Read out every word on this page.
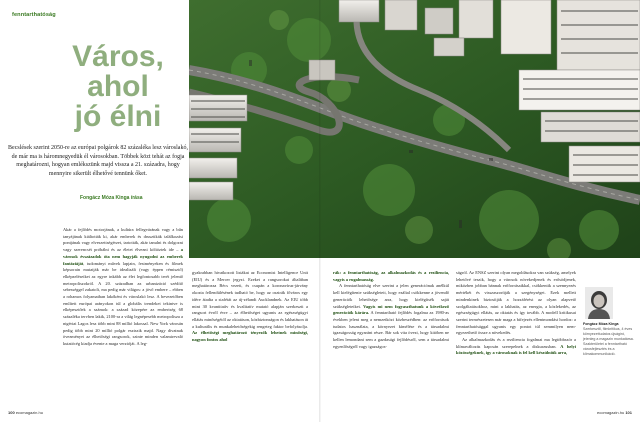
fenntarthatóság
Város,
ahol
jó élni
Becslések szerint 2050-re az európai polgárok 82 százaléka lesz városlakó, de már ma is háromnegyedük él városokban. Többek közt tehát az fogja meghatározni, hogyan emlékszünk majd vissza a 21. századra, hogy mennyire sikerült élhetővé tennünk őket.
Fongácz Móza Kinga írása

Akár a fejlődés motorjának, a kultúra fellegvárának vagy a bűn tanyájának kiáltották ki, akár emberek és drusztikák találkozási pontjának vagy elveszettségérzet, tartották, akár tanulni és dolgozni vagy szerencsét próbálni és az életet élvezni költöztek ide – a városok évszázadok óta nem hagyják nyugodni az emberek fantáziáját, tudományt művek lapjain, festményeken és filmek képsorain mutatják már be idealizált (vagy éppen rémisztő) elképzeléseiket az egyre inkább az élet legfontosabb terét jelentő metropoliszokról. A 20. században az urbanizáció szédítő sebességgel zakatolt, ma pedig már világos: a jövő embere – ebben a rohamos folyamatban lakóként és városlakó lesz. A bevezetőben említett európai arányokon túl a globális trendeket tekintve is elképesztőek a számok: a század közepére az emberiség 68 százaléka tervben lakik, 2100-ra a világ legnépesebb metropolisza a nigériai Lagos lesz több mint 88 millió lakossal. New York városán pedig több mint 20 millió polgár esztszik majd. Nagy divatnak övezményei az élhetőségi rangsorok, szinte minden valamirevaló kutatócég kiadja évente a maga verzióját. A leg-

gyakrabban hivatkozott listákat az Economist Intelligence Unit (EIU) és a Mercer jegyzi. Ezeket a rangsorokat általában meghatározza Bécs vezeti, és csupán a koronavírus-járvány okozta fellendülésének tudható be, hogy az osztrák főváros egy idére átadta a stafétát az új-zélandi Aucklandnek. Az EIU több mint 30 kvantitatív és kvalitatív mutató alapján szerkeszti a rangsort évről évre – az élhetőséget ugyanis az egészségügyi ellátás minőségétől az oktatáson, közbiztonságon és lakhatáson át a kulturális és munkalehetőségekig rengeteg faktor befolyásolja. Az élhetőségi meghatározó tényezők lehetnek minőségi, nagyon fontos ahol

rák: a fenntarthatóság, az alkalmazkodás és a reziliencia, vagyis a rugalmasság.

A fenntarthatóság elve szerint a jelen generációnak anélkül kell kielégítenie szükségleteit, hogy ezáltal csökkenne a jövendő generációk lehetősége arra, hogy kielégítsék saját szükségleteiket. Vagyis mi nem fogyaszthatunk a következő generációk kárára. A fenntartható fejlődés fogalma az 1980-as években jelent meg a nemzetközi közbeszédben: az erőforrások tudatos használata, a környezet kímélése és a társadalmi igazságosság egyaránt része. Bár sok vita övezi, hogy kitöben ne kellen lemondani sem a gazdasági fejlődésről, sem a társadalmi egyenlőségről vagy igazságos-

ságról. Az ENSZ szerint olyan megoldásokra van szükség, amelyek lehetővé teszik, hogy a városok növekedjenek és erősödjenek, miközben jobban bánnak erőforrásaikkal, csökkentik a szennyezés mértékét és visszaszorítják a szegénységet. Ezek mellett mindenkinek biztosítják a hozzáférést az olyan alapvető szolgáltatásokhoz, mint a lakhatás, az energia, a közlekedés, az egészségügyi ellátás, az oktatás és így tovább. A modell kritikusai szerint természetesen már maga a bifejezés ellentmondást hordoz: a fenntarthatósággal ugyanis egy pontot túl semmilyen nem-egyezethető össze a növekedés.

Az alkalmazkodás és a reziliencia fogalmai ma legtöbbször a klímaváltozás kapcsán szerepelnek a diskurzusban. A helyi közösségeknek, így a városoknak is fel kell készülniük arra,

Fongácz Móza Kinga
Szerkesztő, filmkritikus, 4 éves környezettudatos újságíró, jelenleg a magazin munkatársa. Szakterületei a fenntartható városfejlesztés és a klímakommunikáció.
100 ecomagazin.hu	ecomagazin.hu 101
